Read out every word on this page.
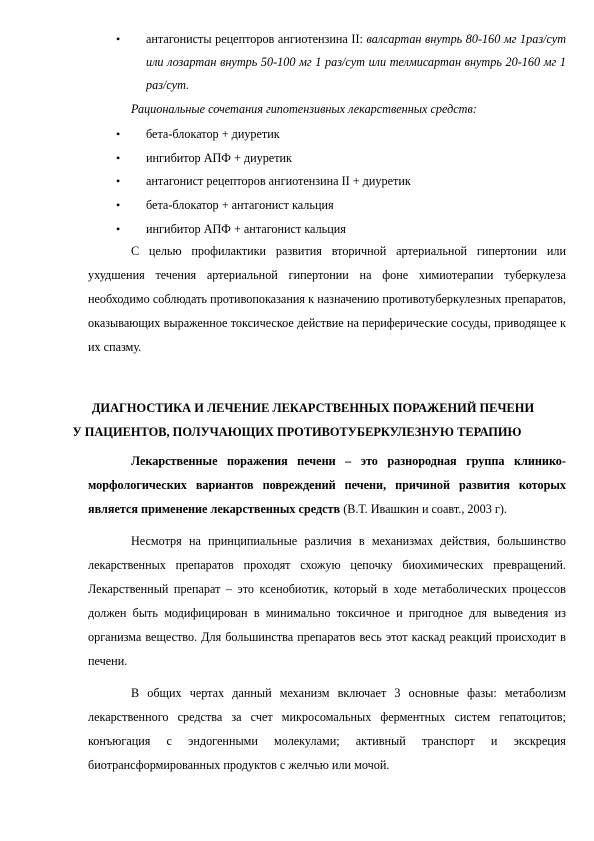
• антагонисты рецепторов ангиотензина II: валсартан внутрь 80-160 мг 1раз/сут
или лозартан внутрь 50-100 мг 1 раз/сут или телмисартан внутрь 20-160 мг 1
раз/сут.
Рациональные сочетания гипотензивных лекарственных средств:
• бета-блокатор + диуретик
• ингибитор АПФ + диуретик
• антагонист рецепторов ангиотензина II + диуретик
• бета-блокатор + антагонист кальция
• ингибитор АПФ + антагонист кальция
С целью профилактики развития вторичной артериальной гипертонии или
ухудшения течения артериальной гипертонии на фоне химиотерапии туберкулеза
необходимо соблюдать противопоказания к назначению противотуберкулезных препаратов,
оказывающих выраженное токсическое действие на периферические сосуды, приводящее к
их спазму.
ДИАГНОСТИКА И ЛЕЧЕНИЕ ЛЕКАРСТВЕННЫХ ПОРАЖЕНИЙ ПЕЧЕНИ
У ПАЦИЕНТОВ, ПОЛУЧАЮЩИХ ПРОТИВОТУБЕРКУЛЕЗНУЮ ТЕРАПИЮ
Лекарственные поражения печени – это разнородная группа клинико-
морфологических вариантов повреждений печени, причиной развития которых
является применение лекарственных средств (В.Т. Ивашкин и соавт., 2003 г).
Несмотря на принципиальные различия в механизмах действия, большинство
лекарственных препаратов проходят схожую цепочку биохимических превращений.
Лекарственный препарат – это ксенобиотик, который в ходе метаболических процессов
должен быть модифицирован в минимально токсичное и пригодное для выведения из
организма вещество. Для большинства препаратов весь этот каскад реакций происходит в
печени.
В общих чертах данный механизм включает 3 основные фазы: метаболизм
лекарственного средства за счет микросомальных ферментных систем гепатоцитов;
конъюгация с эндогенными молекулами; активный транспорт и экскреция
биотрансформированных продуктов с желчью или мочой.
